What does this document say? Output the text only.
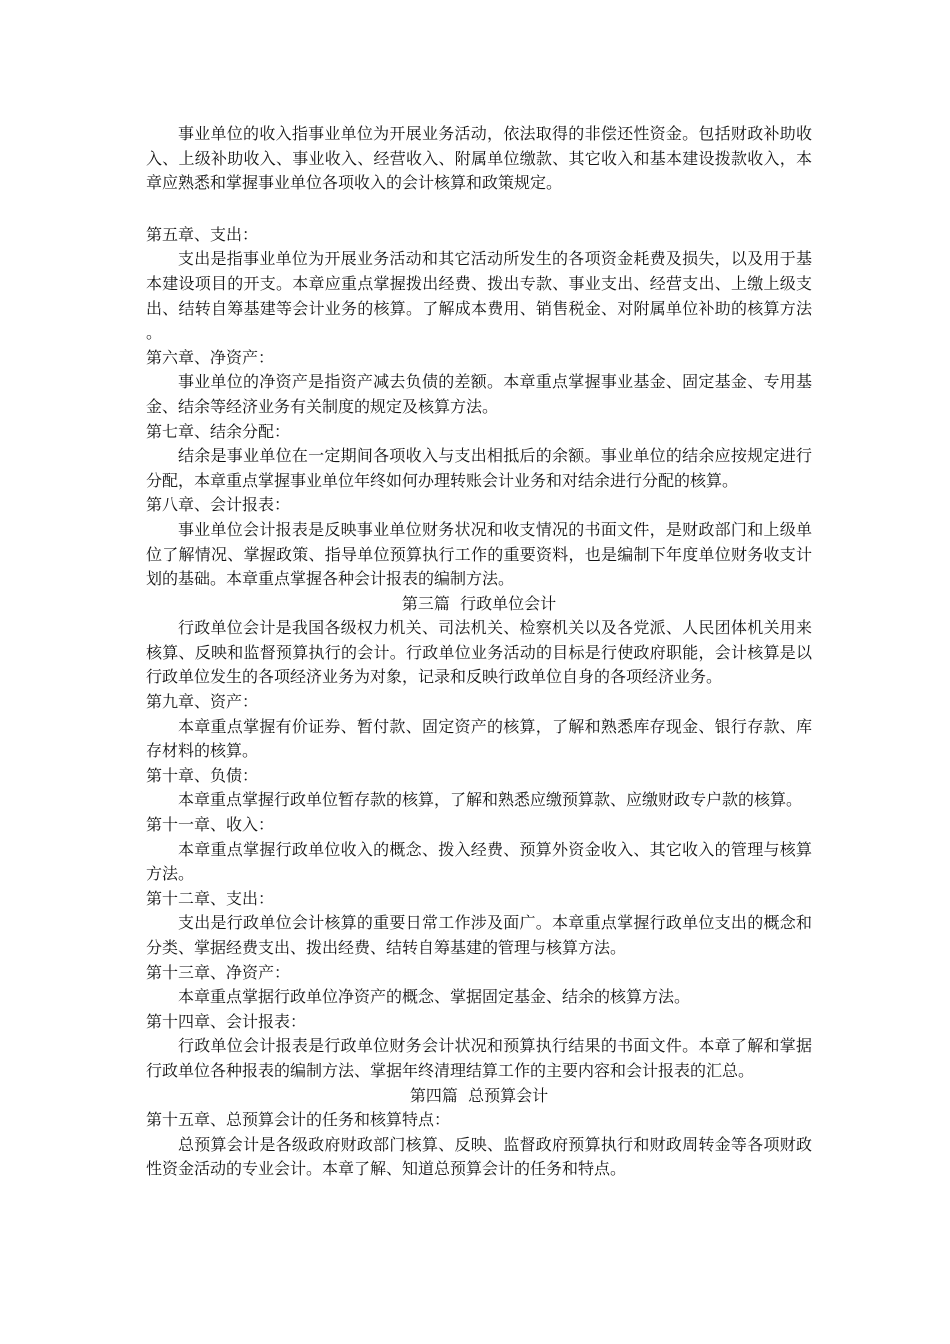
事业单位的收入指事业单位为开展业务活动，依法取得的非偿还性资金。包括财政补助收入、上级补助收入、事业收入、经营收入、附属单位缴款、其它收入和基本建设拨款收入，本章应熟悉和掌握事业单位各项收入的会计核算和政策规定。

第五章、支出：

支出是指事业单位为开展业务活动和其它活动所发生的各项资金耗费及损失，以及用于基本建设项目的开支。本章应重点掌握拨出经费、拨出专款、事业支出、经营支出、上缴上级支出、结转自筹基建等会计业务的核算。了解成本费用、销售税金、对附属单位补助的核算方法。

第六章、净资产：

事业单位的净资产是指资产减去负债的差额。本章重点掌握事业基金、固定基金、专用基金、结余等经济业务有关制度的规定及核算方法。

第七章、结余分配：

结余是事业单位在一定期间各项收入与支出相抵后的余额。事业单位的结余应按规定进行分配，本章重点掌握事业单位年终如何办理转账会计业务和对结余进行分配的核算。

第八章、会计报表：

事业单位会计报表是反映事业单位财务状况和收支情况的书面文件，是财政部门和上级单位了解情况、掌握政策、指导单位预算执行工作的重要资料，也是编制下年度单位财务收支计划的基础。本章重点掌握各种会计报表的编制方法。

第三篇  行政单位会计

行政单位会计是我国各级权力机关、司法机关、检察机关以及各党派、人民团体机关用来核算、反映和监督预算执行的会计。行政单位业务活动的目标是行使政府职能，会计核算是以行政单位发生的各项经济业务为对象，记录和反映行政单位自身的各项经济业务。

第九章、资产：

本章重点掌握有价证券、暂付款、固定资产的核算，了解和熟悉库存现金、银行存款、库存材料的核算。

第十章、负债：

本章重点掌握行政单位暂存款的核算，了解和熟悉应缴预算款、应缴财政专户款的核算。

第十一章、收入：

本章重点掌握行政单位收入的概念、拨入经费、预算外资金收入、其它收入的管理与核算方法。

第十二章、支出：

支出是行政单位会计核算的重要日常工作涉及面广。本章重点掌握行政单位支出的概念和分类、掌据经费支出、拨出经费、结转自筹基建的管理与核算方法。

第十三章、净资产：

本章重点掌据行政单位净资产的概念、掌据固定基金、结余的核算方法。

第十四章、会计报表：

行政单位会计报表是行政单位财务会计状况和预算执行结果的书面文件。本章了解和掌据行政单位各种报表的编制方法、掌据年终清理结算工作的主要内容和会计报表的汇总。

第四篇  总预算会计

第十五章、总预算会计的任务和核算特点：

总预算会计是各级政府财政部门核算、反映、监督政府预算执行和财政周转金等各项财政性资金活动的专业会计。本章了解、知道总预算会计的任务和特点。
